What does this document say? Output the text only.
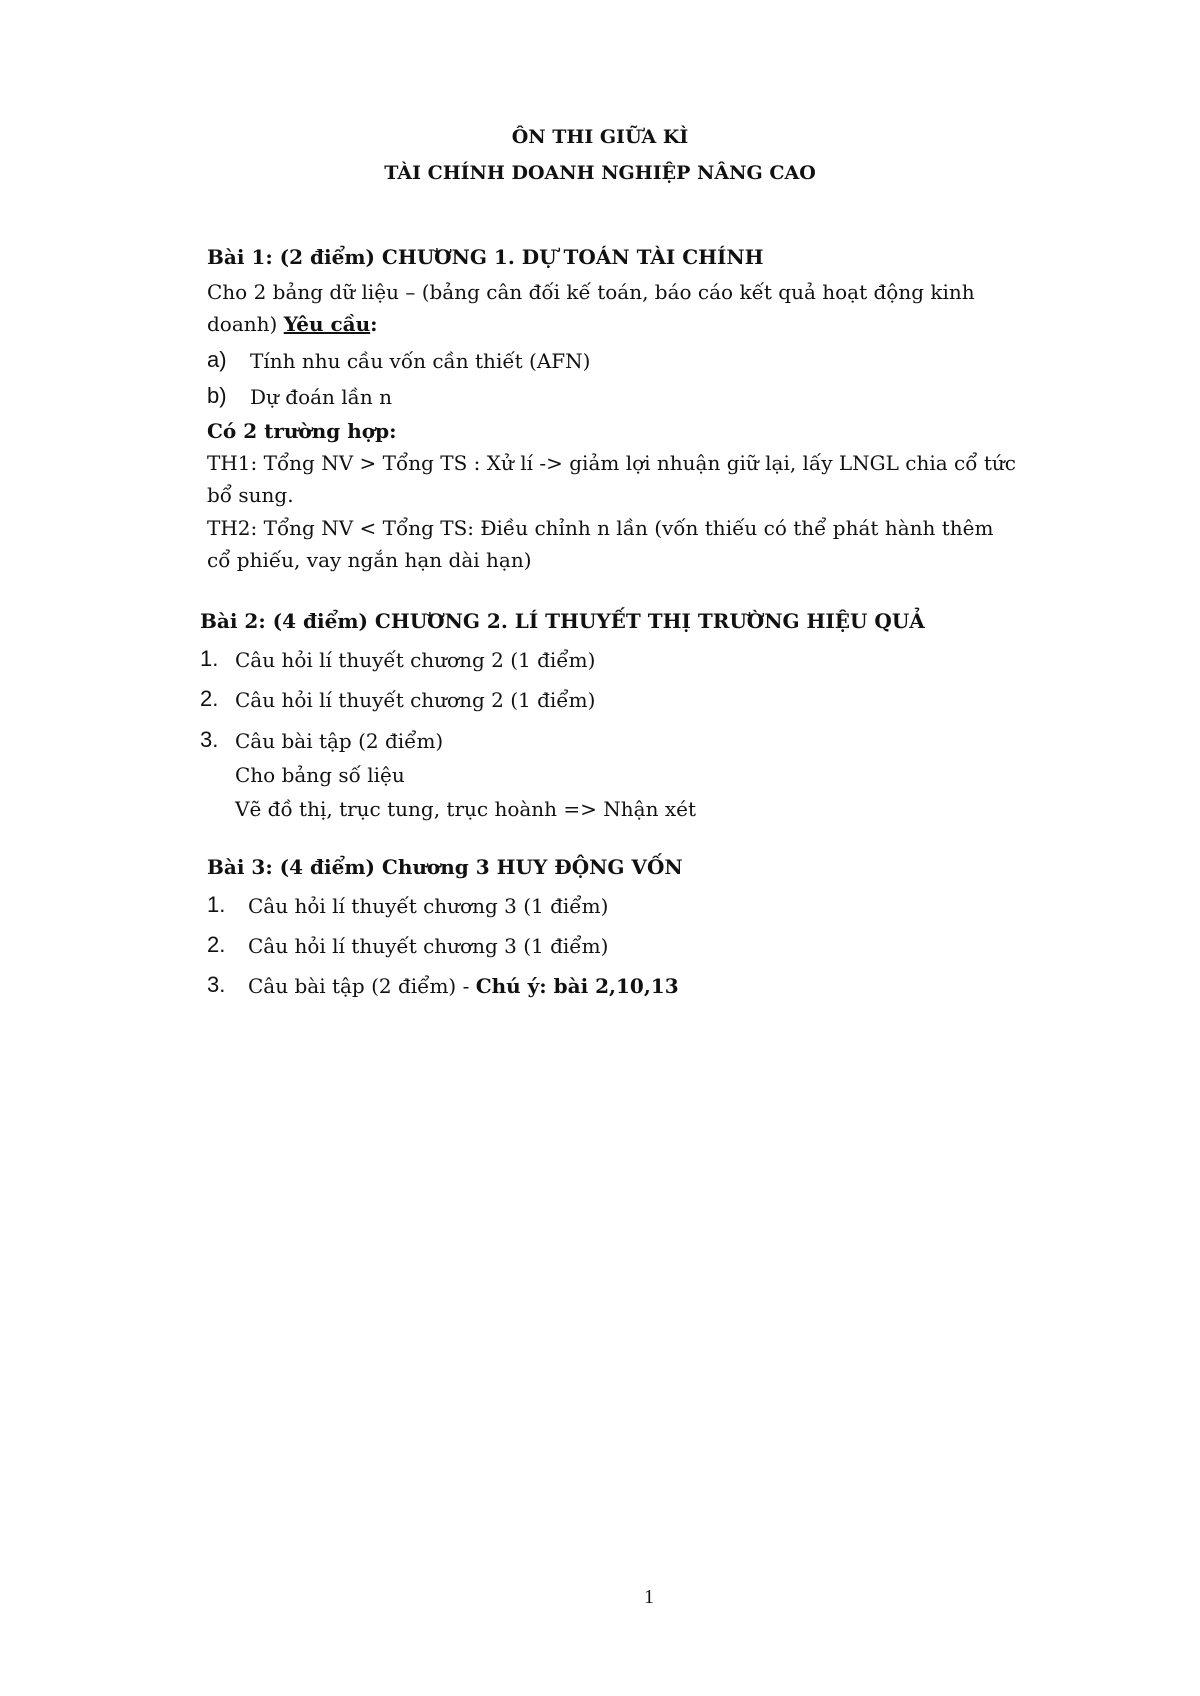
ÔN THI GIỮA KÌ
TÀI CHÍNH DOANH NGHIỆP NÂNG CAO
Bài 1: (2 điểm) CHƯƠNG 1. DỰ TOÁN TÀI CHÍNH
Cho 2 bảng dữ liệu – (bảng cân đối kế toán, báo cáo kết quả hoạt động kinh
doanh) Yêu cầu:
a) Tính nhu cầu vốn cần thiết (AFN)
b) Dự đoán lần n
Có 2 trường hợp:
TH1: Tổng NV > Tổng TS : Xử lí -> giảm lợi nhuận giữ lại, lấy LNGL chia cổ tức
bổ sung.
TH2: Tổng NV < Tổng TS: Điều chỉnh n lần (vốn thiếu có thể phát hành thêm
cổ phiếu, vay ngắn hạn dài hạn)
Bài 2: (4 điểm) CHƯƠNG 2. LÍ THUYẾT THỊ TRƯỜNG HIỆU QUẢ
1. Câu hỏi lí thuyết chương 2 (1 điểm)
2. Câu hỏi lí thuyết chương 2 (1 điểm)
3. Câu bài tập (2 điểm)
Cho bảng số liệu
Vẽ đồ thị, trục tung, trục hoành => Nhận xét
Bài 3: (4 điểm) Chương 3 HUY ĐỘNG VỐN
1. Câu hỏi lí thuyết chương 3 (1 điểm)
2. Câu hỏi lí thuyết chương 3 (1 điểm)
3. Câu bài tập (2 điểm) - Chú ý: bài 2,10,13
1
